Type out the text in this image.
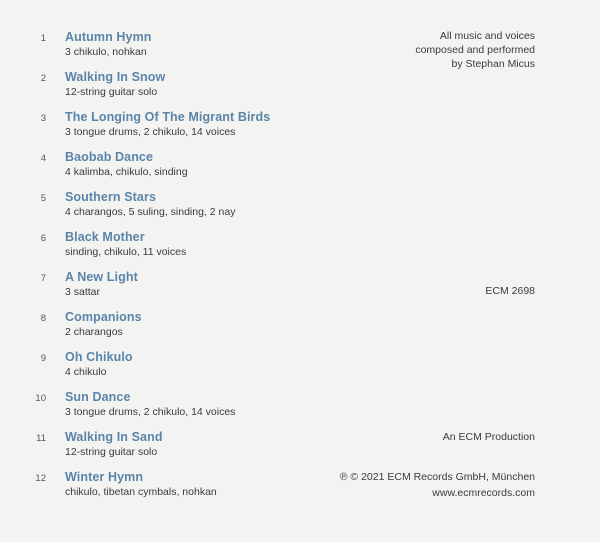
1 Autumn Hymn
3 chikulo, nohkan
2 Walking In Snow
12-string guitar solo
3 The Longing Of The Migrant Birds
3 tongue drums, 2 chikulo, 14 voices
4 Baobab Dance
4 kalimba, chikulo, sinding
5 Southern Stars
4 charangos, 5 suling, sinding, 2 nay
6 Black Mother
sinding, chikulo, 11 voices
7 A New Light
3 sattar
8 Companions
2 charangos
9 Oh Chikulo
4 chikulo
10 Sun Dance
3 tongue drums, 2 chikulo, 14 voices
11 Walking In Sand
12-string guitar solo
12 Winter Hymn
chikulo, tibetan cymbals, nohkan
All music and voices
composed and performed
by Stephan Micus
ECM 2698
An ECM Production
℗ © 2021 ECM Records GmbH, München
www.ecmrecords.com
